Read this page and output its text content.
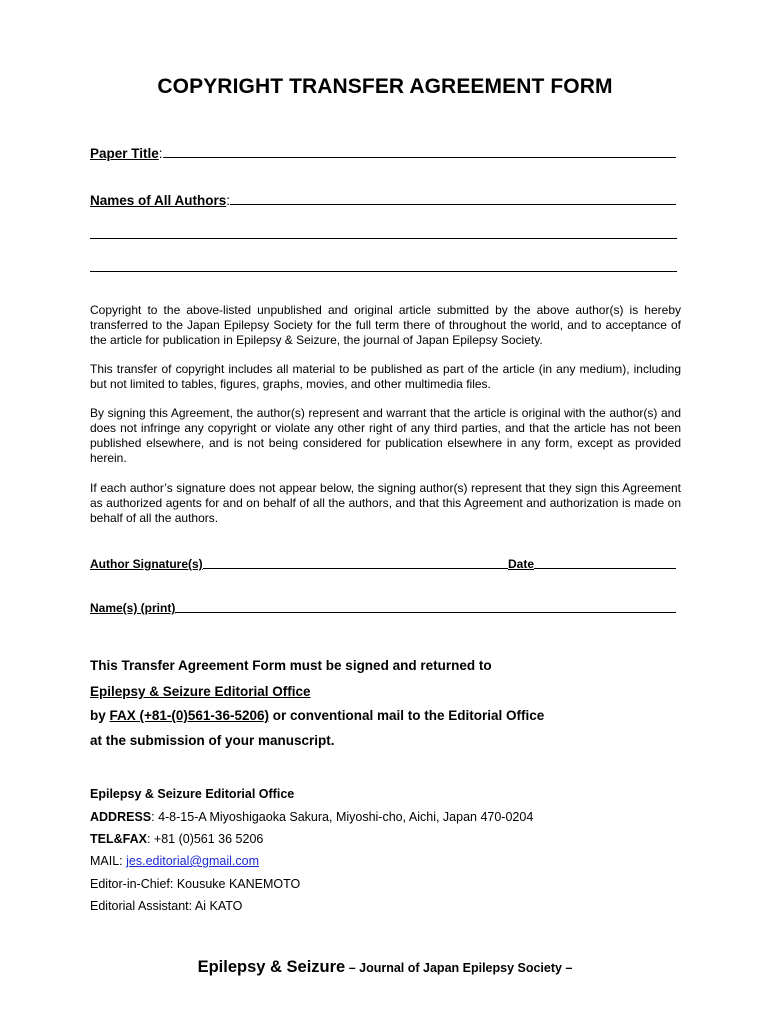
COPYRIGHT TRANSFER AGREEMENT FORM
Paper Title :
Names of All Authors :

Copyright to the above-listed unpublished and original article submitted by the above author(s) is hereby transferred to the Japan Epilepsy Society for the full term there of throughout the world, and to acceptance of the article for publication in Epilepsy & Seizure, the journal of Japan Epilepsy Society.

This transfer of copyright includes all material to be published as part of the article (in any medium), including but not limited to tables, figures, graphs, movies, and other multimedia files.

By signing this Agreement, the author(s) represent and warrant that the article is original with the author(s) and does not infringe any copyright or violate any other right of any third parties, and that the article has not been published elsewhere, and is not being considered for publication elsewhere in any form, except as provided herein.

If each author’s signature does not appear below, the signing author(s) represent that they sign this Agreement as authorized agents for and on behalf of all the authors, and that this Agreement and authorization is made on behalf of all the authors.

Author Signature(s)	Date
Name(s) (print)
This Transfer Agreement Form must be signed and returned to
Epilepsy & Seizure Editorial Office
by FAX (+81-(0)561-36-5206) or conventional mail to the Editorial Office
at the submission of your manuscript.
Epilepsy & Seizure Editorial Office
ADDRESS: 4-8-15-A Miyoshigaoka Sakura, Miyoshi-cho, Aichi, Japan 470-0204
TEL&FAX: +81 (0)561 36 5206
MAIL: jes.editorial@gmail.com
Editor-in-Chief: Kousuke KANEMOTO
Editorial Assistant: Ai KATO
Epilepsy & Seizure – Journal of Japan Epilepsy Society –
